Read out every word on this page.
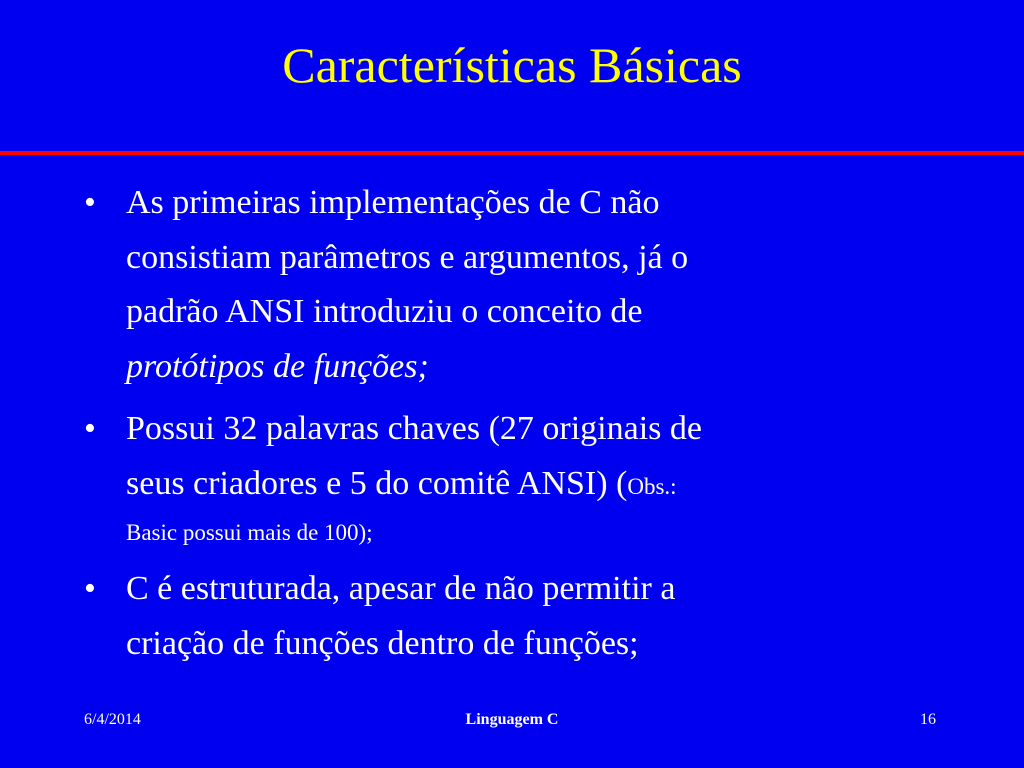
Características Básicas
• As primeiras implementações de C não
consistiam parâmetros e argumentos, já o
padrão ANSI introduziu o conceito de
protótipos de funções;
• Possui 32 palavras chaves (27 originais de
seus criadores e 5 do comitê ANSI) (Obs.:
Basic possui mais de 100);
• C é estruturada, apesar de não permitir a
criação de funções dentro de funções;
6/4/2014	Linguagem C	16
